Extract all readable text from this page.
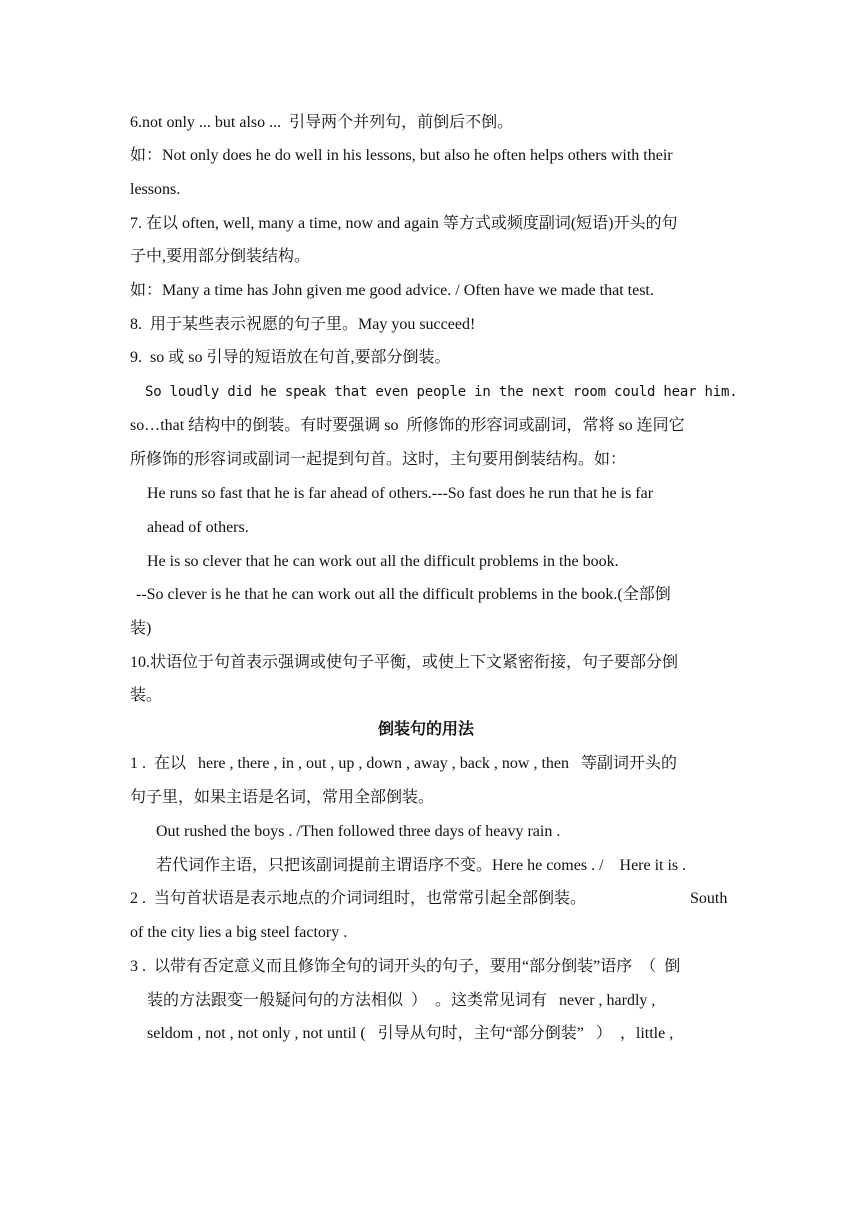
6.not only ... but also ...  引导两个并列句，前倒后不倒。
如：Not only does he do well in his lessons, but also he often helps others with their
lessons.
7. 在以 often, well, many a time, now and again 等方式或频度副词(短语)开头的句
子中,要用部分倒装结构。
如：Many a time has John given me good advice. / Often have we made that test.
8.  用于某些表示祝愿的句子里。May you succeed!
9.  so 或 so 引导的短语放在句首,要部分倒装。
So loudly did he speak that even people in the next room could hear him.
so…that 结构中的倒装。有时要强调 so  所修饰的形容词或副词，常将 so 连同它
所修饰的形容词或副词一起提到句首。这时，主句要用倒装结构。如：
He runs so fast that he is far ahead of others.---So fast does he run that he is far
ahead of others.
He is so clever that he can work out all the difficult problems in the book.
--So clever is he that he can work out all the difficult problems in the book.(全部倒
装)
10.状语位于句首表示强调或使句子平衡，或使上下文紧密衔接，句子要部分倒
装。
倒装句的用法
1 .  在以   here , there , in , out , up , down , away , back , now , then   等副词开头的
句子里，如果主语是名词，常用全部倒装。
Out rushed the boys . /Then followed three days of heavy rain .
若代词作主语，只把该副词提前主谓语序不变。Here he comes . /    Here it is .
2 .  当句首状语是表示地点的介词词组时，也常常引起全部倒装。	South
of the city lies a big steel factory .
3 .  以带有否定意义而且修饰全句的词开头的句子，要用“部分倒装”语序  （  倒
装的方法跟变一般疑问句的方法相似  ）  。这类常见词有   never , hardly ,
seldom , not , not only , not until (   引导从句时，主句“部分倒装”   ）  ，little ,
